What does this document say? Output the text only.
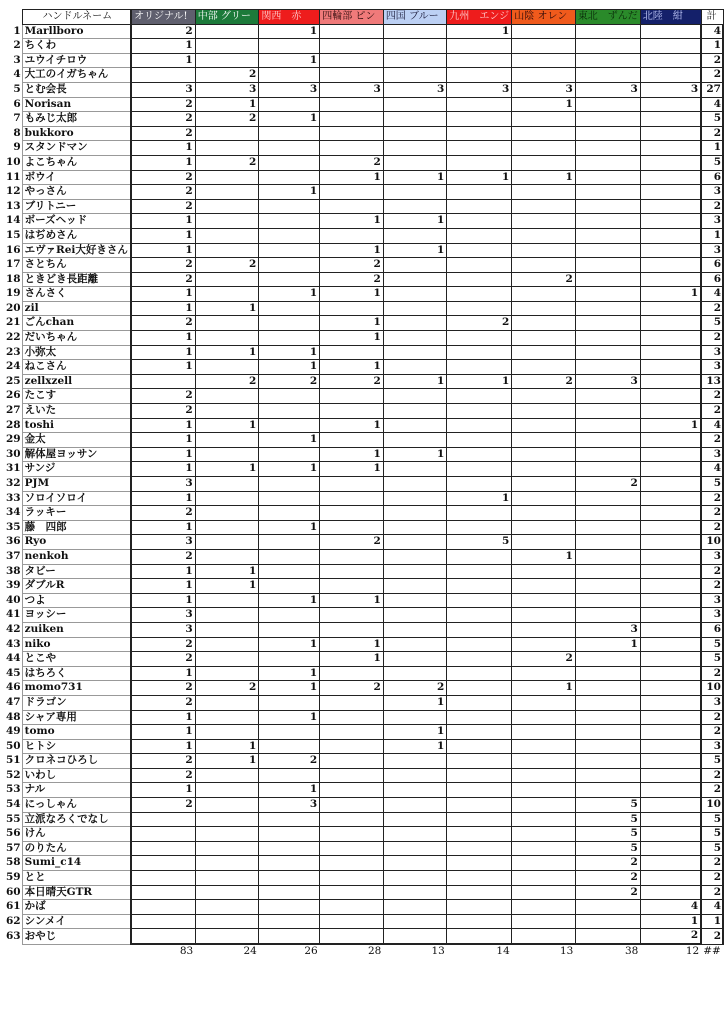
	ハンドルネーム	オリジナル!	中部 グリー	関西　赤	四輪部 ピン	四国 ブルー	九州　エンジ	山陰 オレン	東北　ずんだ	北陸　紺	計
1	Marllboro	2		1			1				4
2	ちくわ	1									1
3	ユウイチロウ	1		1							2
4	大工のイガちゃん		2								2
5	とむ会長	3	3	3	3	3	3	3	3	3	27
6	Norisan	2	1					1			4
7	もみじ太郎	2	2	1							5
8	bukkoro	2									2
9	スタンドマン	1									1
10	よこちゃん	1	2		2						5
11	ボウイ	2			1	1	1	1			6
12	やっさん	2		1							3
13	ブリトニー	2									2
14	ボーズヘッド	1			1	1					3
15	はぢめさん	1									1
16	エヴァRei大好きさん	1			1	1					3
17	さとちん	2	2		2						6
18	ときどき長距離	2			2			2			6
19	さんさく	1		1	1					1	4
20	zil	1	1								2
21	ごんchan	2			1		2				5
22	だいちゃん	1			1						2
23	小弥太	1	1	1							3
24	ねこさん	1		1	1						3
25	zellxzell		2	2	2	1	1	2	3		13
26	たこす	2									2
27	えいた	2									2
28	toshi	1	1		1					1	4
29	金太	1		1							2
30	解体屋ヨッサン	1			1	1					3
31	サンジ	1	1	1	1						4
32	PJM	3							2		5
33	ソロイソロイ	1					1				2
34	ラッキー	2									2
35	藤　四郎	1		1							2
36	Ryo	3			2		5				10
37	nenkoh	2						1			3
38	タビー	1	1								2
39	ダブルR	1	1								2
40	つよ	1		1	1						3
41	ヨッシー	3									3
42	zuiken	3							3		6
43	niko	2		1	1				1		5
44	とこや	2			1			2			5
45	はちろく	1		1							2
46	momo731	2	2	1	2	2		1			10
47	ドラゴン	2				1					3
48	シャア専用	1		1							2
49	tomo	1				1					2
50	ヒトシ	1	1			1					3
51	クロネコひろし	2	1	2							5
52	いわし	2									2
53	ナル	1		1							2
54	にっしゃん	2		3					5		10
55	立派なろくでなし								5		5
56	けん								5		5
57	のりたん								5		5
58	Sumi_c14								2		2
59	とと								2		2
60	本日晴天GTR								2		2
61	かば									4	4
62	シンメイ									1	1
63	おやじ									2	2
		83	24	26	28	13	14	13	38	12	##
